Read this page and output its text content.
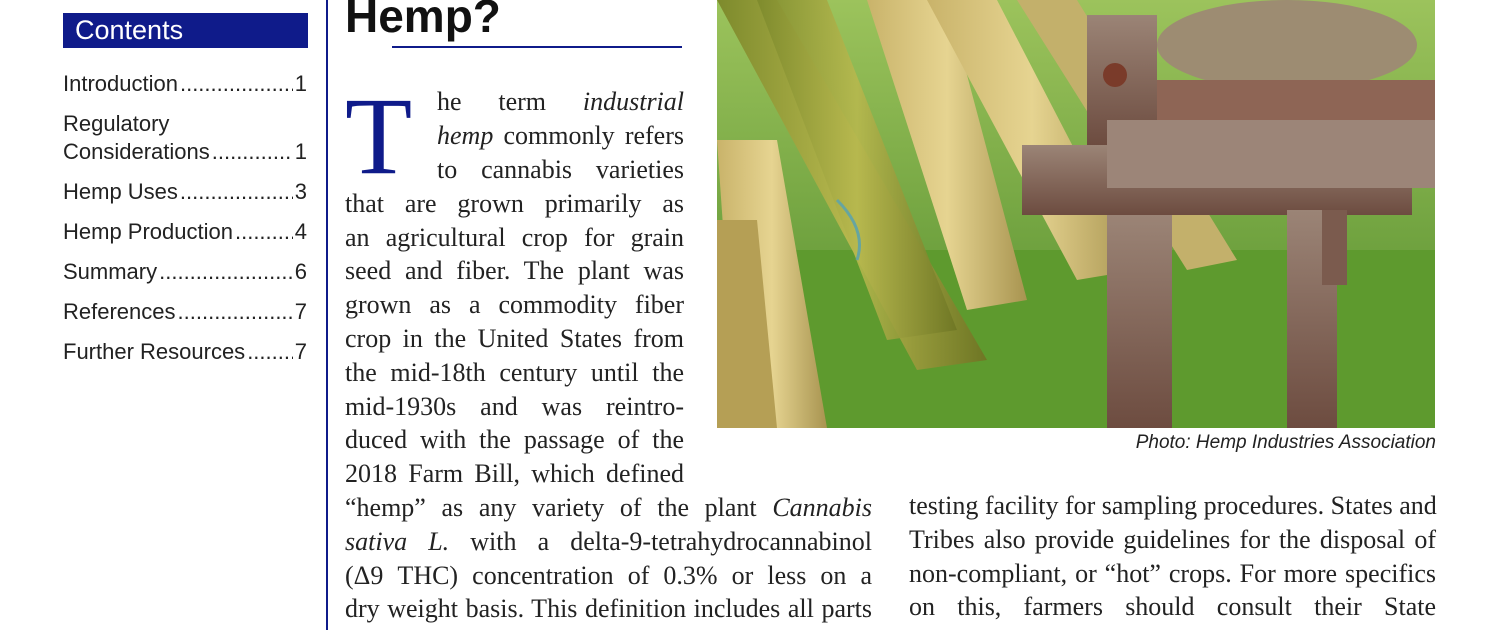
Contents
Introduction .....	1
Regulatory
Considerations .....	1
Hemp Uses .....	3
Hemp Production .....	4
Summary .....	6
References .....	7
Further Resources ..... 7
Hemp?
T he term industrial
hemp commonly refers
to cannabis varieties
that are grown primarily as
an agricultural crop for grain
seed and fiber. The plant was
grown as a commodity fiber
crop in the United States from
the mid-18th century until the
mid-1930s and was reintro-
duced with the passage of the
2018 Farm Bill, which defined
“hemp” as any variety of the plant Cannabis
sativa L. with a delta-9-tetrahydrocannabinol
(Δ9 THC) concentration of 0.3% or less on a
dry weight basis. This definition includes all parts
testing facility for sampling procedures. States and
Tribes also provide guidelines for the disposal of
non-compliant, or “hot” crops. For more specifics
on this, farmers should consult their State
Photo: Hemp Industries Association
